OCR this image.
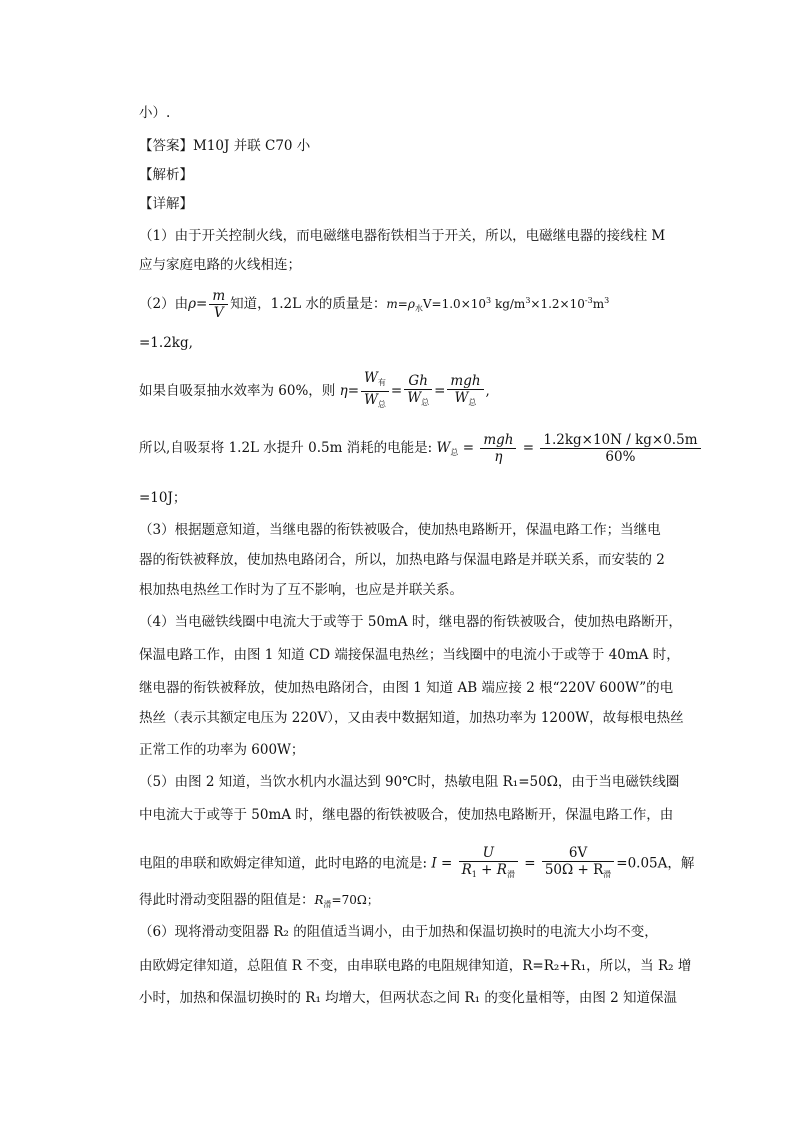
小）.
【答案】M10J 并联 C70 小
【解析】
【详解】
（1）由于开关控制火线，而电磁继电器衔铁相当于开关，所以，电磁继电器的接线柱 M
应与家庭电路的火线相连；
（2）由$\rho= \frac{m}{V}$ 知道，1.2L 水的质量是：$m=\rho_水V=1.0\times 10^3$ $kg/m^3\times 1.2\times 10^{-3}m^3$
=1.2kg,
如果自吸泵抽水效率为 60%，则 $\eta= \frac{W_有}{W_总} = \frac{Gh}{W_总} = \frac{\text{mgh}}{W_总}$ ,
所以,自吸泵将 1.2L 水提升 0.5m 消耗的电能是: $W_总 = \frac{\text{mgh}}{\eta} = \frac{1.2kg\times 10N / kg\times 0.5m}{60\%}$
=10J；
（3）根据题意知道，当继电器的衔铁被吸合，使加热电路断开，保温电路工作；当继电
器的衔铁被释放，使加热电路闭合，所以，加热电路与保温电路是并联关系，而安装的 2
根加热电热丝工作时为了互不影响，也应是并联关系。
（4）当电磁铁线圈中电流大于或等于 50mA 时，继电器的衔铁被吸合，使加热电路断开，
保温电路工作，由图 1 知道 CD 端接保温电热丝；当线圈中的电流小于或等于 40mA 时，
继电器的衔铁被释放，使加热电路闭合，由图 1 知道 AB 端应接 2 根“220V 600W”的电
热丝（表示其额定电压为 220V），又由表中数据知道，加热功率为 1200W，故每根电热丝
正常工作的功率为 600W；
（5）由图 2 知道，当饮水机内水温达到 90℃时，热敏电阻 R₁=50Ω，由于当电磁铁线圈
中电流大于或等于 50mA 时，继电器的衔铁被吸合，使加热电路断开，保温电路工作，由
电阻的串联和欧姆定律知道，此时电路的电流是: $I = \frac{U}{R_1 + R_滑} = \frac{6V}{50\Omega + R_滑} =0.05A$，解
得此时滑动变阻器的阻值是：$R_滑=70\Omega$；
（6）现将滑动变阻器 R₂ 的阻值适当调小，由于加热和保温切换时的电流大小均不变，
由欧姆定律知道，总阻值 R 不变，由串联电路的电阻规律知道，R=R₂+R₁，所以，当 R₂ 增
小时，加热和保温切换时的 R₁ 均增大，但两状态之间 R₁ 的变化量相等，由图 2 知道保温
